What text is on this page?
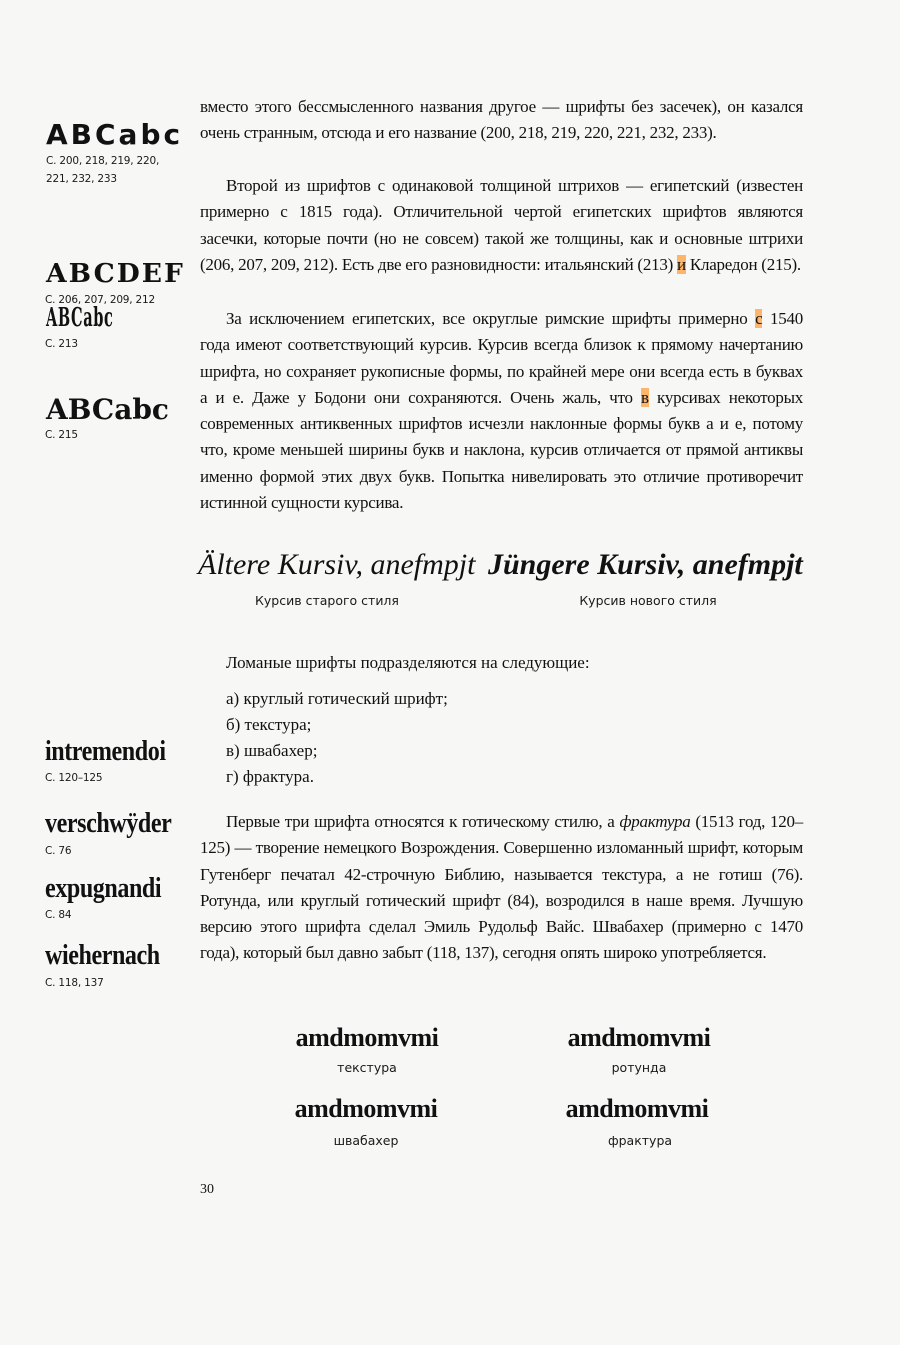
ABCabc
С. 200, 218, 219, 220,
221, 232, 233
ABCDEF
С. 206, 207, 209, 212
ABCabc
С. 213
ABCabc
С. 215
intremendoi
С. 120–125
verschwÿder
С. 76
expugnandi
С. 84
wiehernach
С. 118, 137
вместо этого бессмысленного названия другое — шрифты без засечек), он казался очень странным, отсюда и его название (200, 218, 219, 220, 221, 232, 233).
Второй из шрифтов с одинаковой толщиной штрихов — египетский (известен примерно с 1815 года). Отличительной чертой египетских шрифтов являются засечки, которые почти (но не совсем) такой же толщины, как и основные штрихи (206, 207, 209, 212). Есть две его разновидности: итальянский (213) и Кларедон (215).
За исключением египетских, все округлые римские шрифты примерно с 1540 года имеют соответствующий курсив. Курсив всегда близок к прямому начертанию шрифта, но сохраняет рукописные формы, по крайней мере они всегда есть в буквах а и е. Даже у Бодони они сохраняются. Очень жаль, что в курсивах некоторых современных антиквенных шрифтов исчезли наклонные формы букв а и е, потому что, кроме меньшей ширины букв и наклона, курсив отличается от прямой антиквы именно формой этих двух букв. Попытка нивелировать это отличие противоречит истинной сущности курсива.
Ältere Kursiv, anefmpjt
Курсив старого стиля
Jüngere Kursiv, anefmpjt
Курсив нового стиля
Ломаные шрифты подразделяются на следующие:
а) круглый готический шрифт;
б) текстура;
в) швабахер;
г) фрактура.
Первые три шрифта относятся к готическому стилю, а фрактура (1513 год, 120–125) — творение немецкого Возрождения. Совершенно изломанный шрифт, которым Гутенберг печатал 42-строчную Библию, называется текстура, а не готиш (76). Ротунда, или круглый готический шрифт (84), возродился в наше время. Лучшую версию этого шрифта сделал Эмиль Рудольф Вайс. Швабахер (примерно с 1470 года), который был давно забыт (118, 137), сегодня опять широко употребляется.
amdmomvmi
текстура
amdmomvmi
ротунда
amdmomvmi
швабахер
amdmomvmi
фрактура
30
